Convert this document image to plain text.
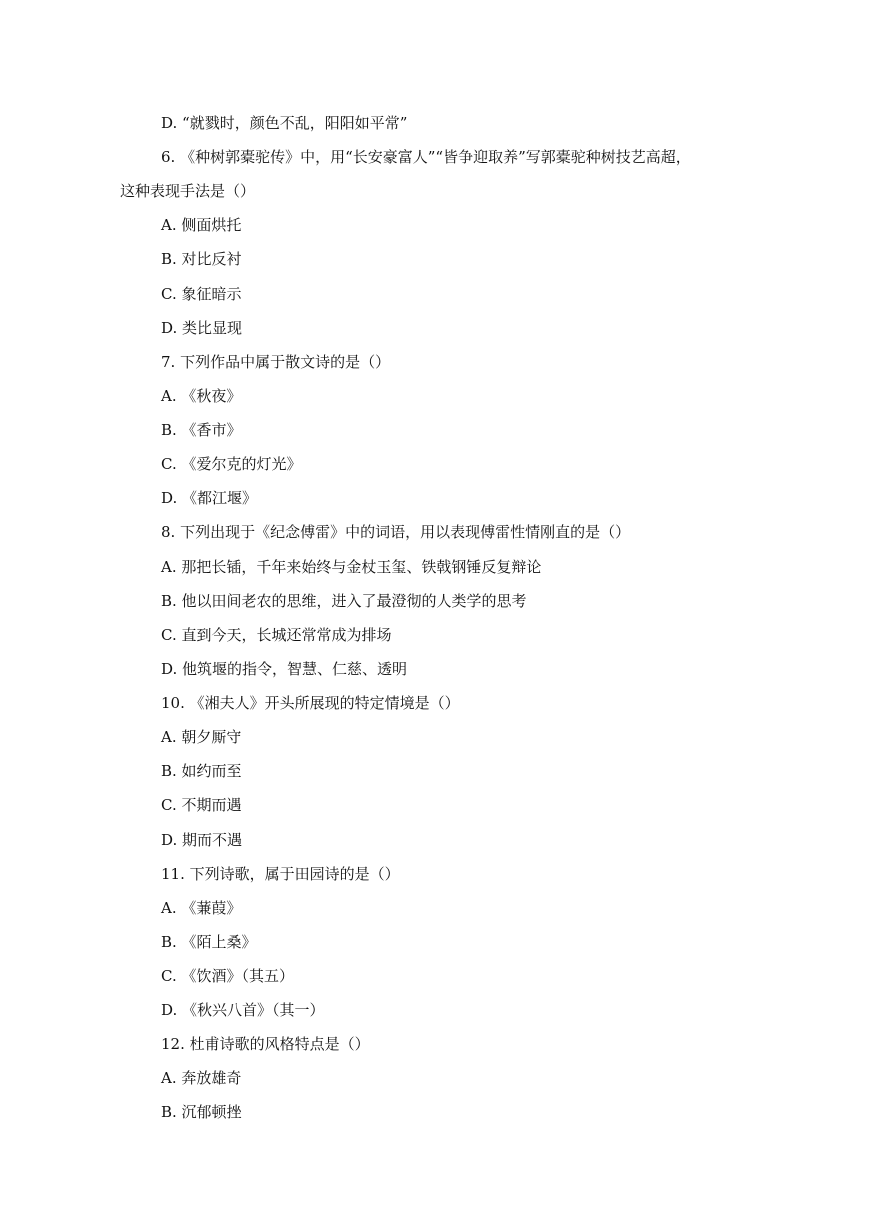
D. “就戮时，颜色不乱，阳阳如平常”
6. 《种树郭橐驼传》中，用“长安豪富人”“皆争迎取养”写郭橐驼种树技艺高超，
这种表现手法是（）
A. 侧面烘托
B. 对比反衬
C. 象征暗示
D. 类比显现
7. 下列作品中属于散文诗的是（）
A. 《秋夜》
B. 《香市》
C. 《爱尔克的灯光》
D. 《都江堰》
8. 下列出现于《纪念傅雷》中的词语，用以表现傅雷性情刚直的是（）
A. 那把长锸，千年来始终与金杖玉玺、铁戟钢锤反复辩论
B. 他以田间老农的思维，进入了最澄彻的人类学的思考
C. 直到今天，长城还常常成为排场
D. 他筑堰的指令，智慧、仁慈、透明
10. 《湘夫人》开头所展现的特定情境是（）
A. 朝夕厮守
B. 如约而至
C. 不期而遇
D. 期而不遇
11. 下列诗歌，属于田园诗的是（）
A. 《蒹葭》
B. 《陌上桑》
C. 《饮酒》（其五）
D. 《秋兴八首》（其一）
12. 杜甫诗歌的风格特点是（）
A. 奔放雄奇
B. 沉郁顿挫
